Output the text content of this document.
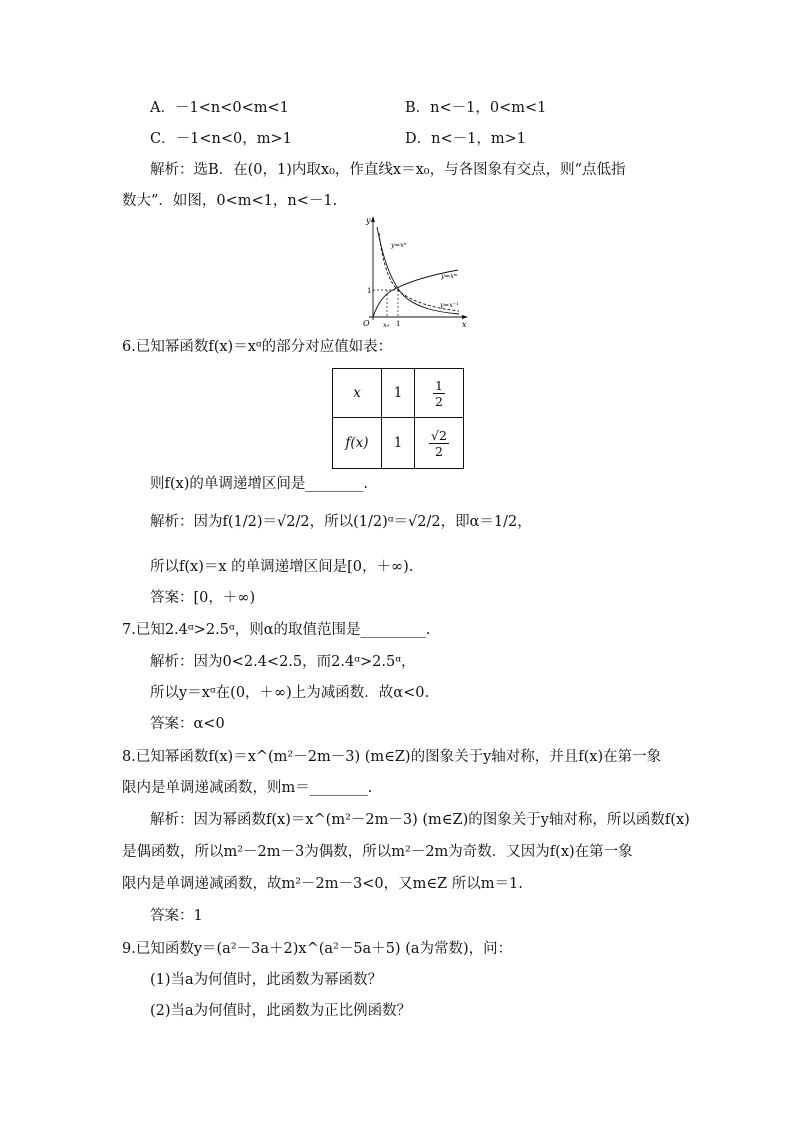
A．－1<n<0<m<1	B．n<－1，0<m<1
C．－1<n<0，m>1	D．n<－1，m>1
解析：选B．在(0，1)内取x₀，作直线x＝x₀，与各图象有交点，则“点低指
数大”．如图，0<m<1，n<－1.
y
x
O
1
x₀ 1
y=xⁿ
y=xᵐ
y=x⁻¹
6.已知幂函数f(x)＝xᵅ的部分对应值如表：
x	1	$\frac{1}{2}$

f(x)	1	$\frac{√2}{2}$
则f(x)的单调递增区间是________.
解析：因为f(1/2)＝√2/2，所以(1/2)ᵅ＝√2/2，即α＝1/2，
所以f(x)＝x 的单调递增区间是[0，＋∞).
答案：[0，＋∞)
7.已知2.4ᵅ>2.5ᵅ，则α的取值范围是_________.
解析：因为0<2.4<2.5，而2.4ᵅ>2.5ᵅ，
所以y＝xᵅ在(0，＋∞)上为减函数．故α<0.
答案：α<0
8.已知幂函数f(x)＝x^(m²－2m－3) (m∈Z)的图象关于y轴对称，并且f(x)在第一象
限内是单调递减函数，则m＝________.
解析：因为幂函数f(x)＝x^(m²－2m－3) (m∈Z)的图象关于y轴对称，所以函数f(x)
是偶函数，所以m²－2m－3为偶数，所以m²－2m为奇数．又因为f(x)在第一象
限内是单调递减函数，故m²－2m－3<0，又m∈Z 所以m＝1.
答案：1
9.已知函数y＝(a²－3a＋2)x^(a²－5a＋5) (a为常数)，问：
(1)当a为何值时，此函数为幂函数？
(2)当a为何值时，此函数为正比例函数？
